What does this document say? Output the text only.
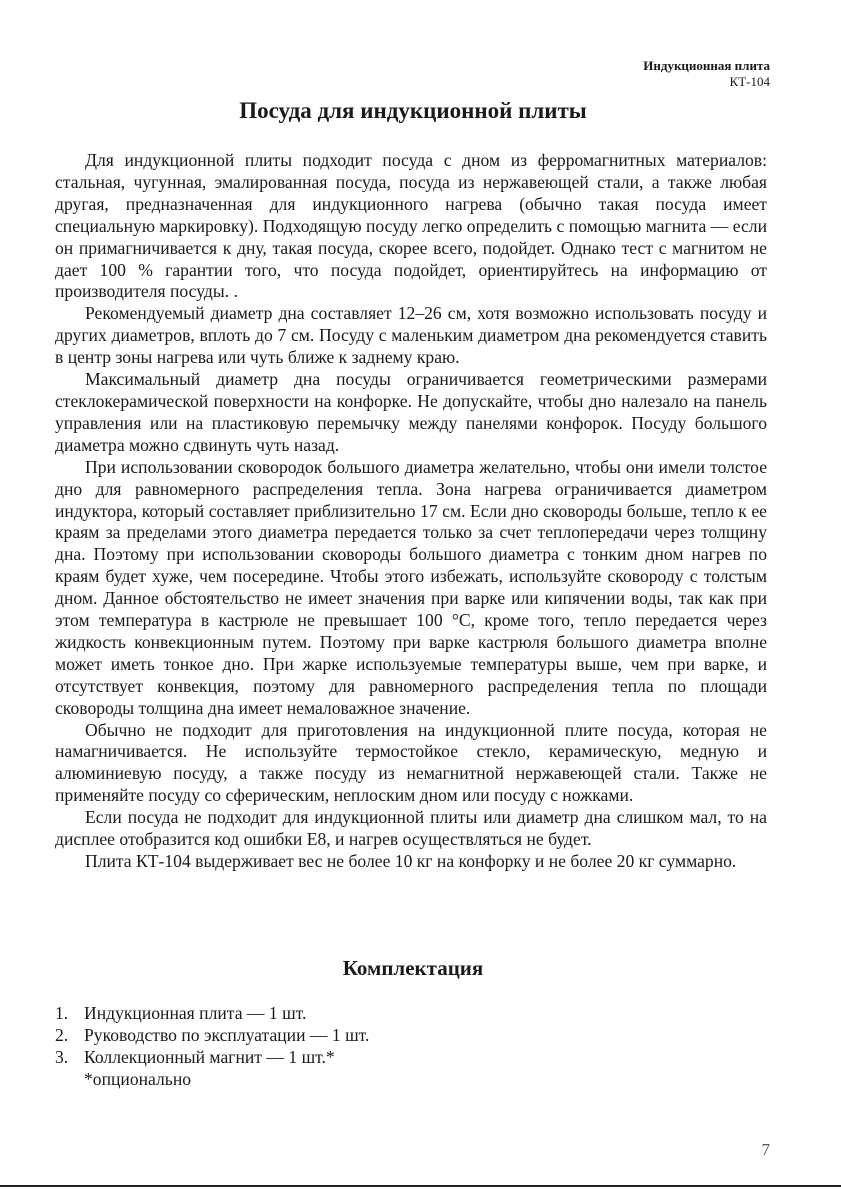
Индукционная плита
КТ-104
Посуда для индукционной плиты

Для индукционной плиты подходит посуда с дном из ферромагнитных материалов: стальная, чугунная, эмалированная посуда, посуда из нержавеющей стали, а также любая другая, предназначенная для индукционного нагрева (обычно такая посуда имеет специальную маркировку). Подходящую посуду легко определить с помощью магнита — если он примагничивается к дну, такая посуда, скорее всего, подойдет. Однако тест с магнитом не дает 100 % гарантии того, что посуда подойдет, ориентируйтесь на информацию от производителя посуды. .

Рекомендуемый диаметр дна составляет 12–26 см, хотя возможно использовать посуду и других диаметров, вплоть до 7 см. Посуду с маленьким диаметром дна рекомендуется ставить в центр зоны нагрева или чуть ближе к заднему краю.

Максимальный диаметр дна посуды ограничивается геометрическими размерами стеклокерамической поверхности на конфорке. Не допускайте, чтобы дно налезало на панель управления или на пластиковую перемычку между панелями конфорок. Посуду большого диаметра можно сдвинуть чуть назад.

При использовании сковородок большого диаметра желательно, чтобы они имели толстое дно для равномерного распределения тепла. Зона нагрева ограничивается диаметром индуктора, который составляет приблизительно 17 см. Если дно сковороды больше, тепло к ее краям за пределами этого диаметра передается только за счет теплопередачи через толщину дна. Поэтому при использовании сковороды большого диаметра с тонким дном нагрев по краям будет хуже, чем посередине. Чтобы этого избежать, используйте сковороду с толстым дном. Данное обстоятельство не имеет значения при варке или кипячении воды, так как при этом температура в кастрюле не превышает 100 °C, кроме того, тепло передается через жидкость конвекционным путем. Поэтому при варке кастрюля большого диаметра вполне может иметь тонкое дно. При жарке используемые температуры выше, чем при варке, и отсутствует конвекция, поэтому для равномерного распределения тепла по площади сковороды толщина дна имеет немаловажное значение.

Обычно не подходит для приготовления на индукционной плите посуда, которая не намагничивается. Не используйте термостойкое стекло, керамическую, медную и алюминиевую посуду, а также посуду из немагнитной нержавеющей стали. Также не применяйте посуду со сферическим, неплоским дном или посуду с ножками.

Если посуда не подходит для индукционной плиты или диаметр дна слишком мал, то на дисплее отобразится код ошибки E8, и нагрев осуществляться не будет.

Плита КТ-104 выдерживает вес не более 10 кг на конфорку и не более 20 кг суммарно.

Комплектация
1. Индукционная плита — 1 шт.
2. Руководство по эксплуатации — 1 шт.
3. Коллекционный магнит — 1 шт.*
*опционально
7
